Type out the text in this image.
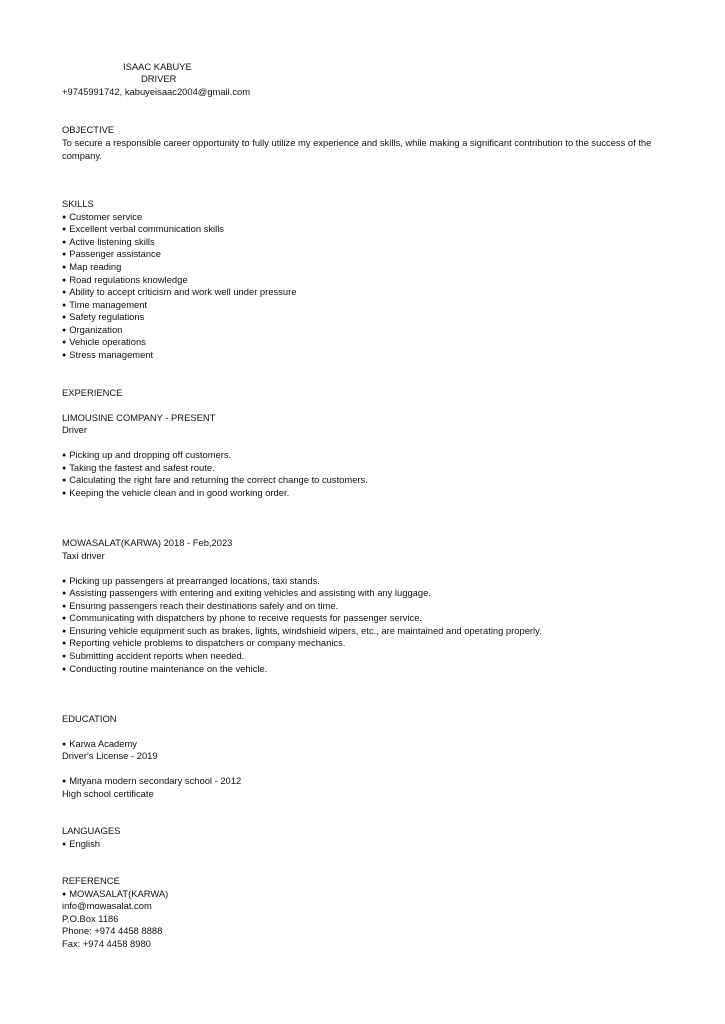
ISAAC KABUYE
DRIVER
+9745991742, kabuyeisaac2004@gmail.com
OBJECTIVE
To secure a responsible career opportunity to fully utilize my experience and skills, while making a significant contribution to the success of the company.
SKILLS
● Customer service
● Excellent verbal communication skills
● Active listening skills
● Passenger assistance
● Map reading
● Road regulations knowledge
● Ability to accept criticism and work well under pressure
● Time management
● Safety regulations
● Organization
● Vehicle operations
● Stress management
EXPERIENCE
LIMOUSINE COMPANY - PRESENT
Driver
● Picking up and dropping off customers.
● Taking the fastest and safest route.
● Calculating the right fare and returning the correct change to customers.
● Keeping the vehicle clean and in good working order.
MOWASALAT(KARWA) 2018 - Feb,2023
Taxi driver
● Picking up passengers at prearranged locations, taxi stands.
● Assisting passengers with entering and exiting vehicles and assisting with any luggage.
● Ensuring passengers reach their destinations safely and on time.
● Communicating with dispatchers by phone to receive requests for passenger service.
● Ensuring vehicle equipment such as brakes, lights, windshield wipers, etc., are maintained and operating properly.
● Reporting vehicle problems to dispatchers or company mechanics.
● Submitting accident reports when needed.
● Conducting routine maintenance on the vehicle.
EDUCATION
● Karwa Academy
Driver's License - 2019
● Mityana modern secondary school - 2012
High school certificate
LANGUAGES
● English
REFERENCE
● MOWASALAT(KARWA)
info@mowasalat.com
P.O.Box 1186
Phone: +974 4458 8888
Fax: +974 4458 8980
